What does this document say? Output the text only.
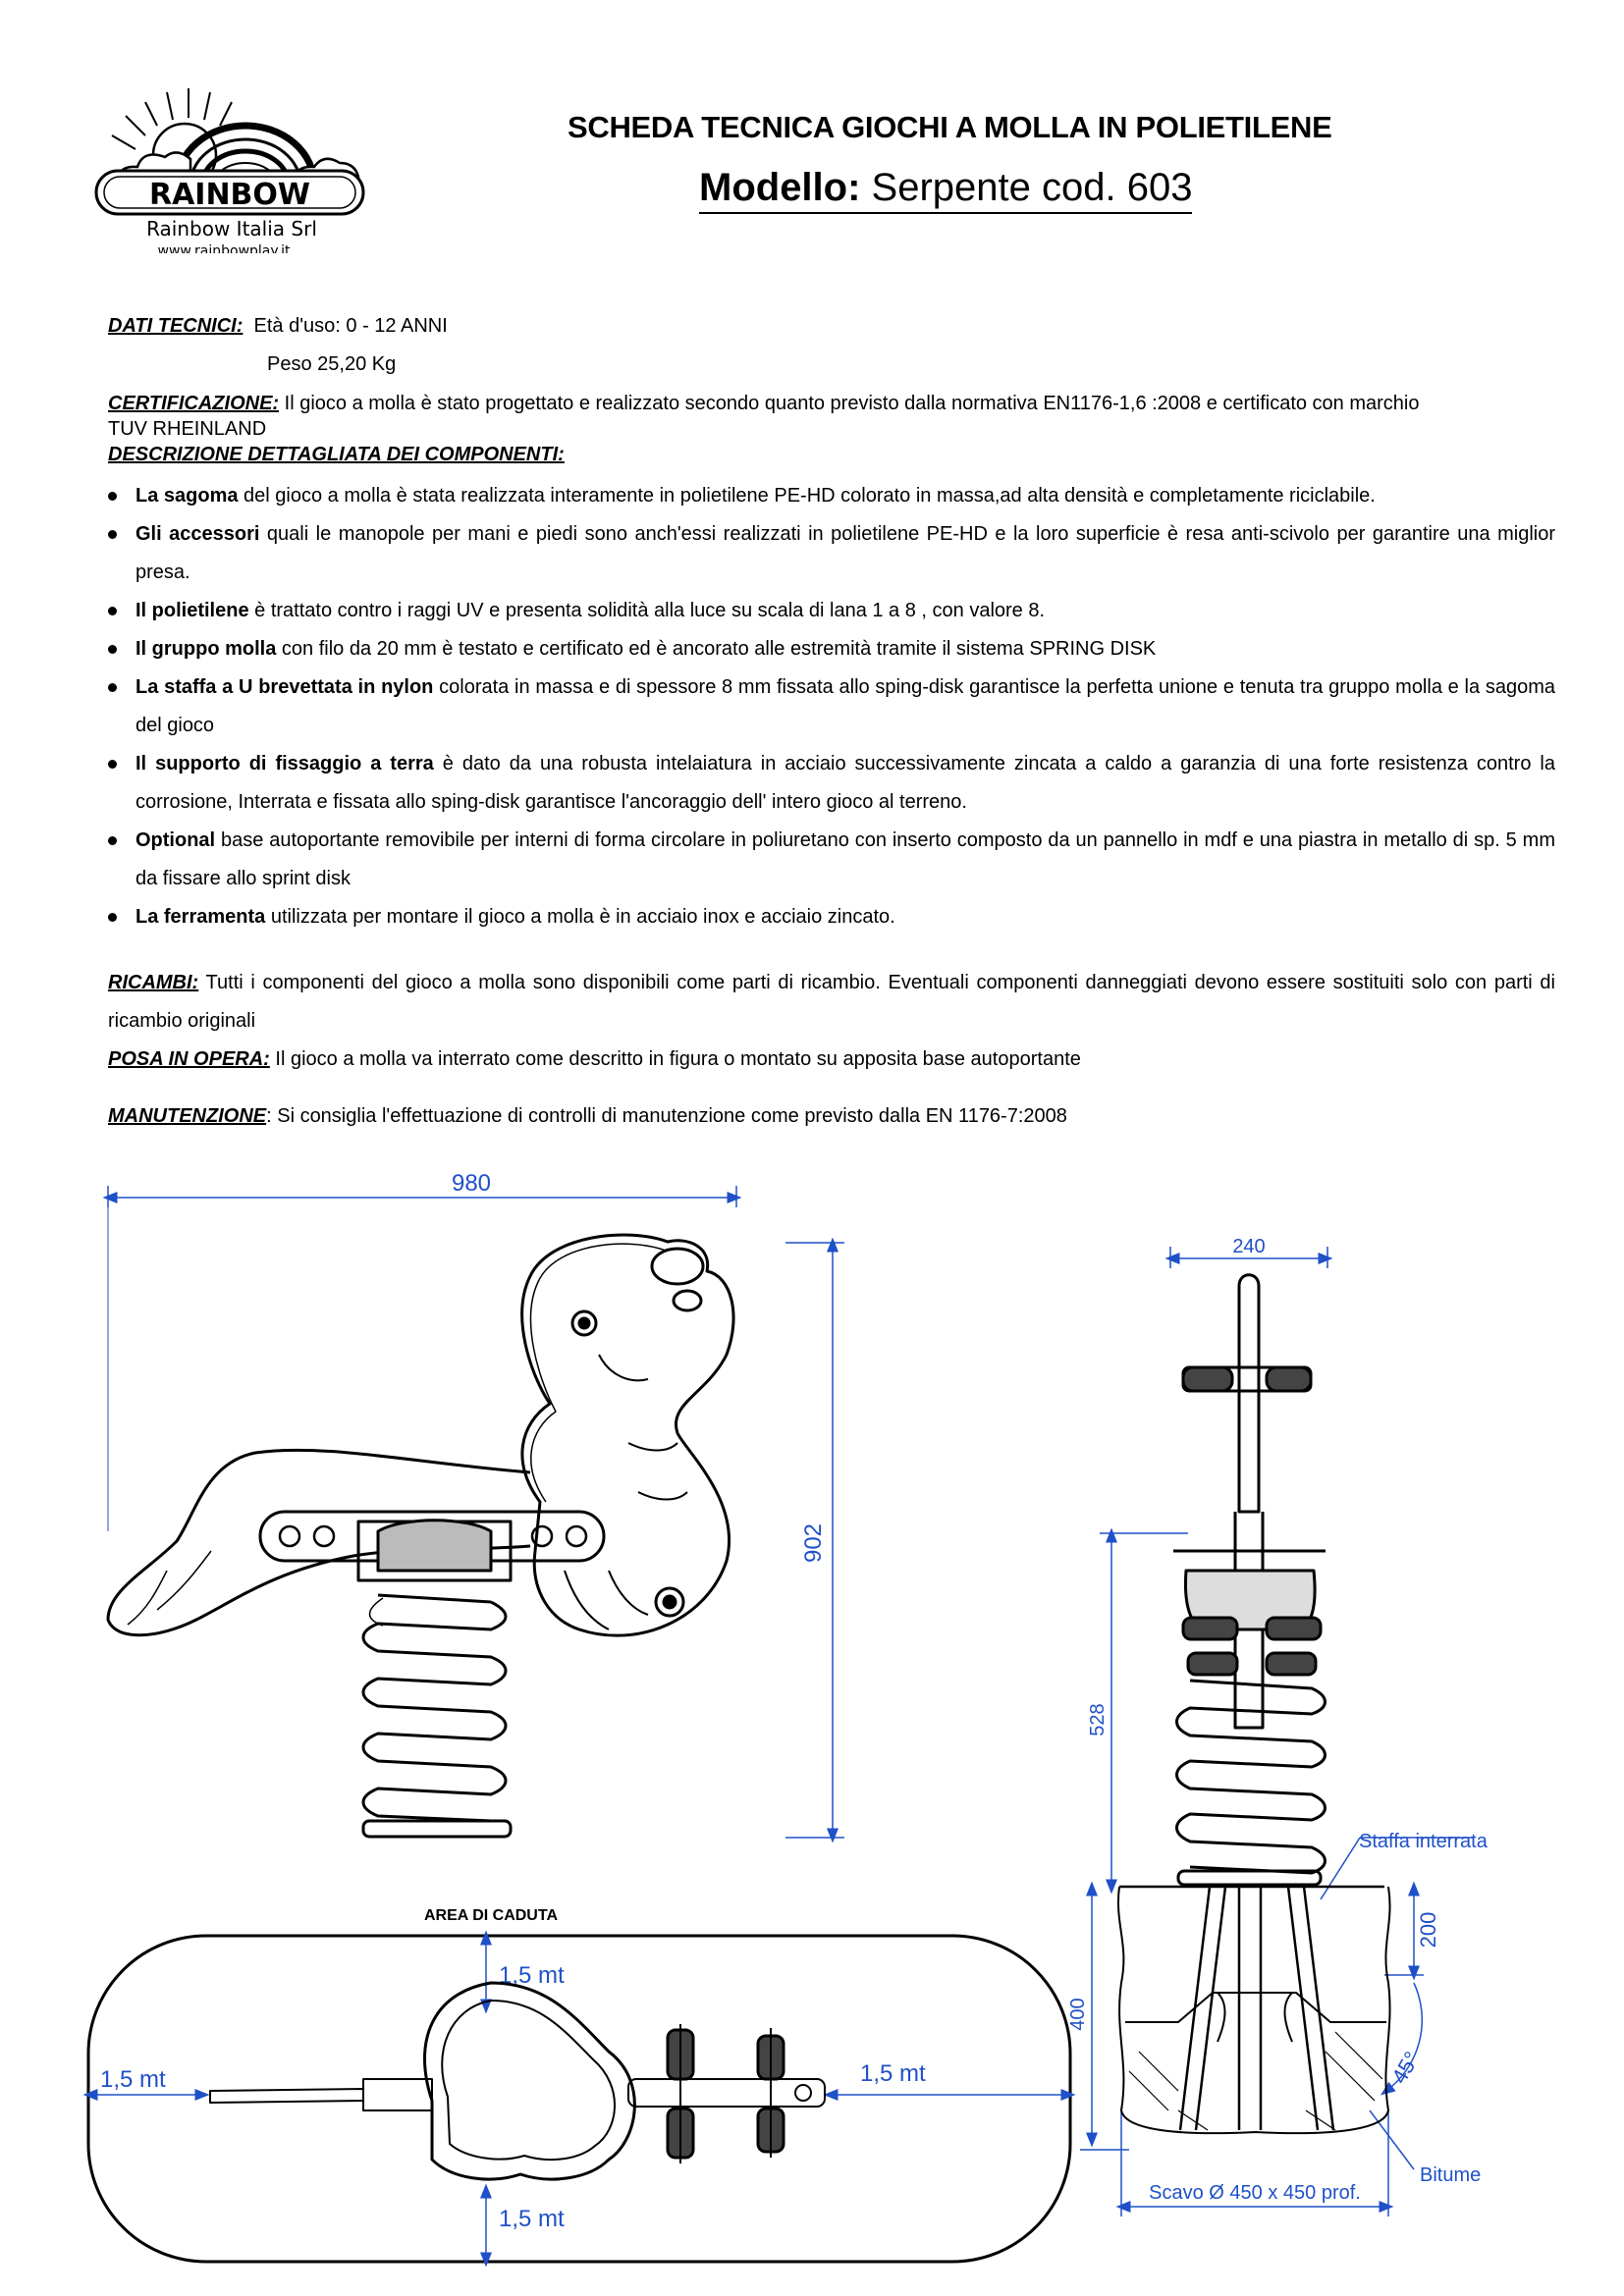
RAINBOW
Rainbow Italia Srl
www.rainbowplay.it
SCHEDA TECNICA GIOCHI A MOLLA IN POLIETILENE
Modello: Serpente cod. 603
DATI TECNICI: Età d'uso: 0 - 12 ANNI
Peso 25,20 Kg
CERTIFICAZIONE: Il gioco a molla è stato progettato e realizzato secondo quanto previsto dalla normativa EN1176-1,6 :2008 e certificato con marchio
TUV RHEINLAND
DESCRIZIONE DETTAGLIATA DEI COMPONENTI:
La sagoma del gioco a molla è stata realizzata interamente in polietilene PE-HD colorato in massa,ad alta densità e completamente riciclabile.
Gli accessori quali le manopole per mani e piedi sono anch'essi realizzati in polietilene PE-HD e la loro superficie è resa anti-scivolo per garantire una miglior presa.
Il polietilene è trattato contro i raggi UV e presenta solidità alla luce su scala di lana 1 a 8 , con valore 8.
Il gruppo molla con filo da 20 mm è testato e certificato ed è ancorato alle estremità tramite il sistema SPRING DISK
La staffa a U brevettata in nylon colorata in massa e di spessore 8 mm fissata allo sping-disk garantisce la perfetta unione e tenuta tra gruppo molla e la sagoma del gioco
Il supporto di fissaggio a terra è dato da una robusta intelaiatura in acciaio successivamente zincata a caldo a garanzia di una forte resistenza contro la corrosione, Interrata e fissata allo sping-disk garantisce l'ancoraggio dell' intero gioco al terreno.
Optional base autoportante removibile per interni di forma circolare in poliuretano con inserto composto da un pannello in mdf e una piastra in metallo di sp. 5 mm da fissare allo sprint disk
La ferramenta utilizzata per montare il gioco a molla è in acciaio inox e acciaio zincato.
RICAMBI: Tutti i componenti del gioco a molla sono disponibili come parti di ricambio. Eventuali componenti danneggiati devono essere sostituiti solo con parti di ricambio originali
POSA IN OPERA: Il gioco a molla va interrato come descritto in figura o montato su apposita base autoportante
MANUTENZIONE: Si consiglia l'effettuazione di controlli di manutenzione come previsto dalla EN 1176-7:2008
980
902
240
528
400
200
45°
Staffa interrata
Bitume
Scavo Ø 450 x 450 prof.
AREA DI CADUTA
1,5 mt
1,5 mt
1,5 mt	1,5 mt
